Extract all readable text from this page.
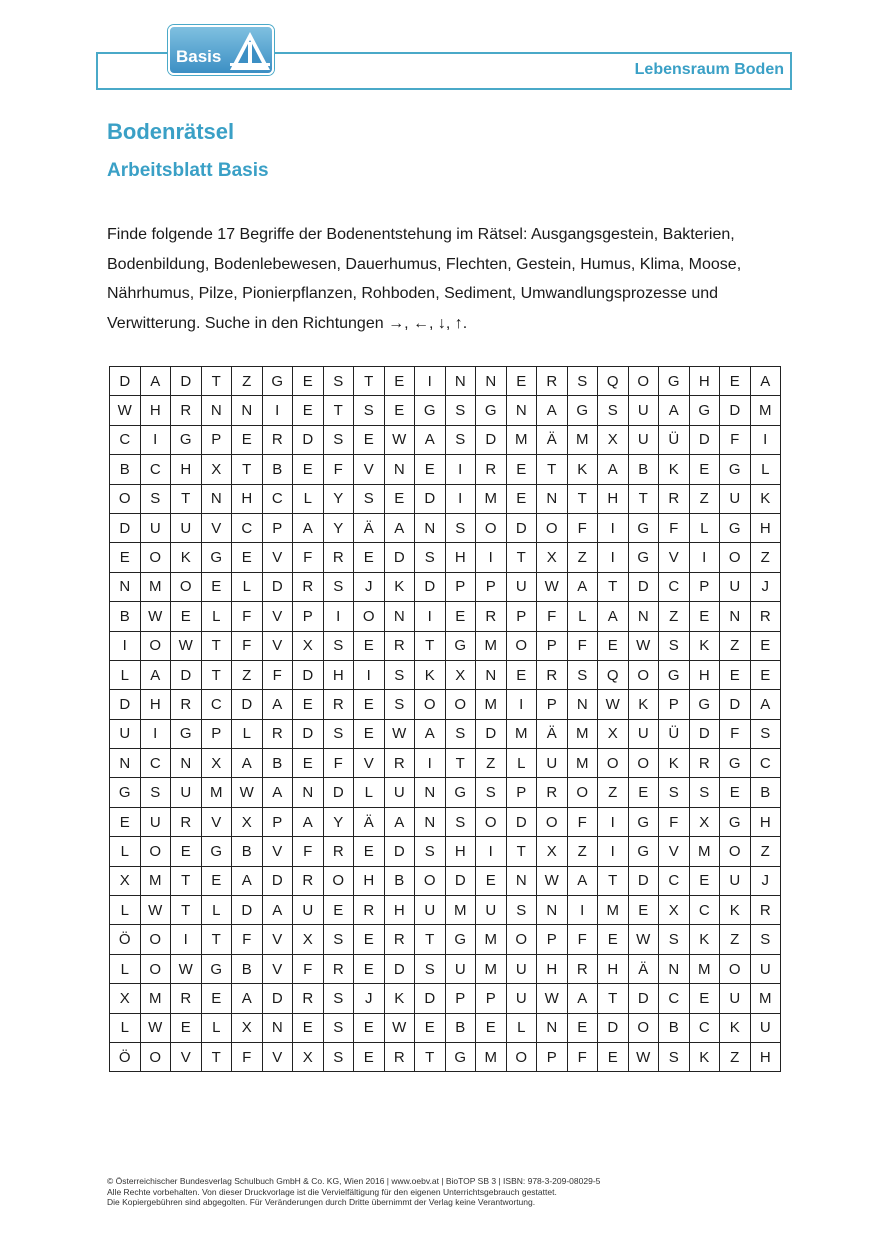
Basis
Lebensraum Boden
Bodenrätsel
Arbeitsblatt Basis

Finde folgende 17 Begriffe der Bodenentstehung im Rätsel: Ausgangsgestein, Bakterien, Bodenbildung, Bodenlebewesen, Dauerhumus, Flechten, Gestein, Humus, Klima, Moose, Nährhumus, Pilze, Pionierpflanzen, Rohboden, Sediment, Umwandlungsprozesse und Verwitterung. Suche in den Richtungen →, ←, ↓, ↑.

D	A	D	T	Z	G	E	S	T	E	I	N	N	E	R	S	Q	O	G	H	E	A
W	H	R	N	N	I	E	T	S	E	G	S	G	N	A	G	S	U	A	G	D	M
C	I	G	P	E	R	D	S	E	W	A	S	D	M	Ä	M	X	U	Ü	D	F	I
B	C	H	X	T	B	E	F	V	N	E	I	R	E	T	K	A	B	K	E	G	L
O	S	T	N	H	C	L	Y	S	E	D	I	M	E	N	T	H	T	R	Z	U	K
D	U	U	V	C	P	A	Y	Ä	A	N	S	O	D	O	F	I	G	F	L	G	H
E	O	K	G	E	V	F	R	E	D	S	H	I	T	X	Z	I	G	V	I	O	Z
N	M	O	E	L	D	R	S	J	K	D	P	P	U	W	A	T	D	C	P	U	J
B	W	E	L	F	V	P	I	O	N	I	E	R	P	F	L	A	N	Z	E	N	R
I	O	W	T	F	V	X	S	E	R	T	G	M	O	P	F	E	W	S	K	Z	E
L	A	D	T	Z	F	D	H	I	S	K	X	N	E	R	S	Q	O	G	H	E	E
D	H	R	C	D	A	E	R	E	S	O	O	M	I	P	N	W	K	P	G	D	A
U	I	G	P	L	R	D	S	E	W	A	S	D	M	Ä	M	X	U	Ü	D	F	S
N	C	N	X	A	B	E	F	V	R	I	T	Z	L	U	M	O	O	K	R	G	C
G	S	U	M	W	A	N	D	L	U	N	G	S	P	R	O	Z	E	S	S	E	B
E	U	R	V	X	P	A	Y	Ä	A	N	S	O	D	O	F	I	G	F	X	G	H
L	O	E	G	B	V	F	R	E	D	S	H	I	T	X	Z	I	G	V	M	O	Z
X	M	T	E	A	D	R	O	H	B	O	D	E	N	W	A	T	D	C	E	U	J
L	W	T	L	D	A	U	E	R	H	U	M	U	S	N	I	M	E	X	C	K	R
Ö	O	I	T	F	V	X	S	E	R	T	G	M	O	P	F	E	W	S	K	Z	S
L	O	W	G	B	V	F	R	E	D	S	U	M	U	H	R	H	Ä	N	M	O	U
X	M	R	E	A	D	R	S	J	K	D	P	P	U	W	A	T	D	C	E	U	M
L	W	E	L	X	N	E	S	E	W	E	B	E	L	N	E	D	O	B	C	K	U
Ö	O	V	T	F	V	X	S	E	R	T	G	M	O	P	F	E	W	S	K	Z	H
© Österreichischer Bundesverlag Schulbuch GmbH & Co. KG, Wien 2016 | www.oebv.at | BioTOP SB 3 | ISBN: 978-3-209-08029-5
Alle Rechte vorbehalten. Von dieser Druckvorlage ist die Vervielfältigung für den eigenen Unterrichtsgebrauch gestattet.
Die Kopiergebühren sind abgegolten. Für Veränderungen durch Dritte übernimmt der Verlag keine Verantwortung.
